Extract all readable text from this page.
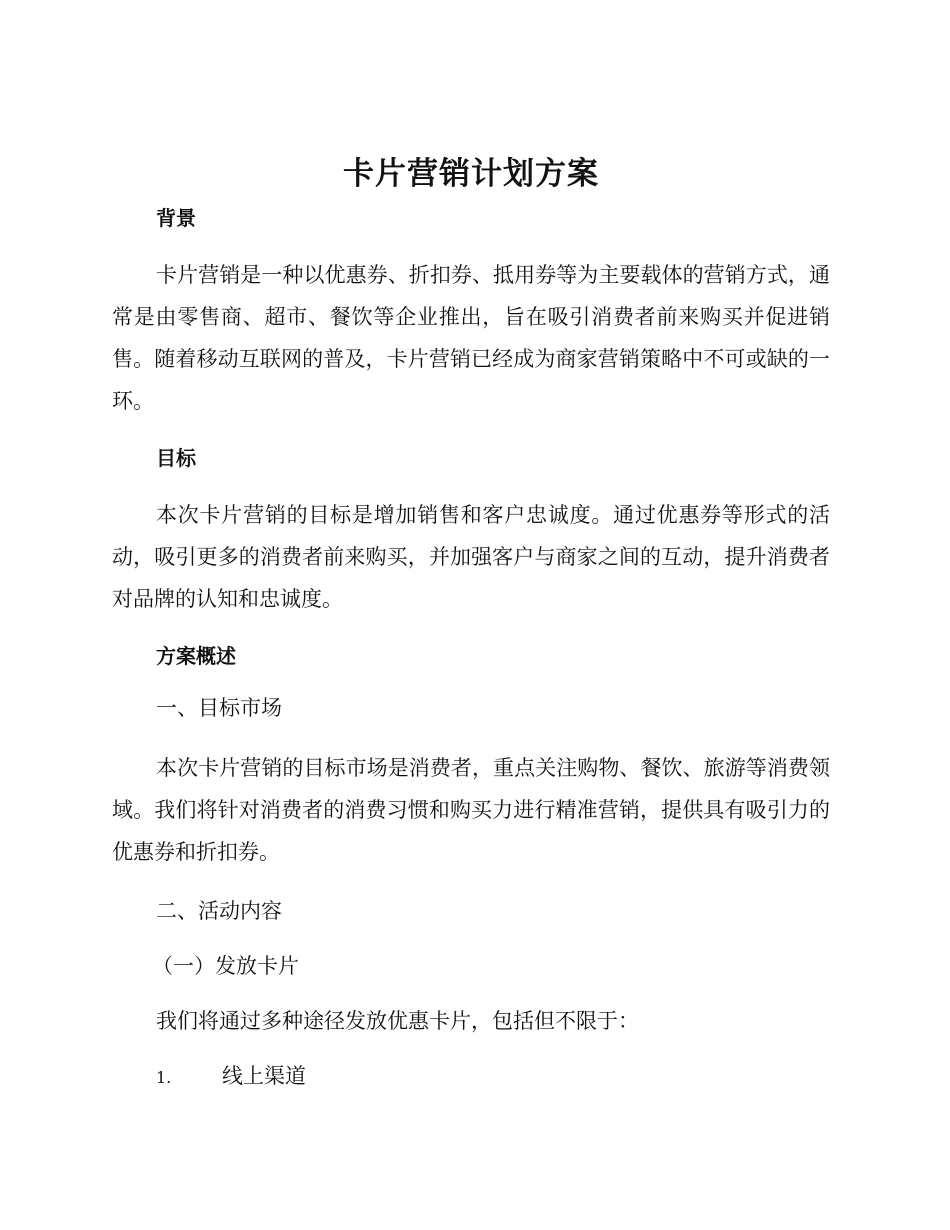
卡片营销计划方案
背景

卡片营销是一种以优惠券、折扣券、抵用券等为主要载体的营销方式，通常是由零售商、超市、餐饮等企业推出，旨在吸引消费者前来购买并促进销售。随着移动互联网的普及，卡片营销已经成为商家营销策略中不可或缺的一环。

目标

本次卡片营销的目标是增加销售和客户忠诚度。通过优惠券等形式的活动，吸引更多的消费者前来购买，并加强客户与商家之间的互动，提升消费者对品牌的认知和忠诚度。

方案概述
一、目标市场

本次卡片营销的目标市场是消费者，重点关注购物、餐饮、旅游等消费领域。我们将针对消费者的消费习惯和购买力进行精准营销，提供具有吸引力的优惠券和折扣券。

二、活动内容
（一）发放卡片
我们将通过多种途径发放优惠卡片，包括但不限于：
1.	线上渠道
